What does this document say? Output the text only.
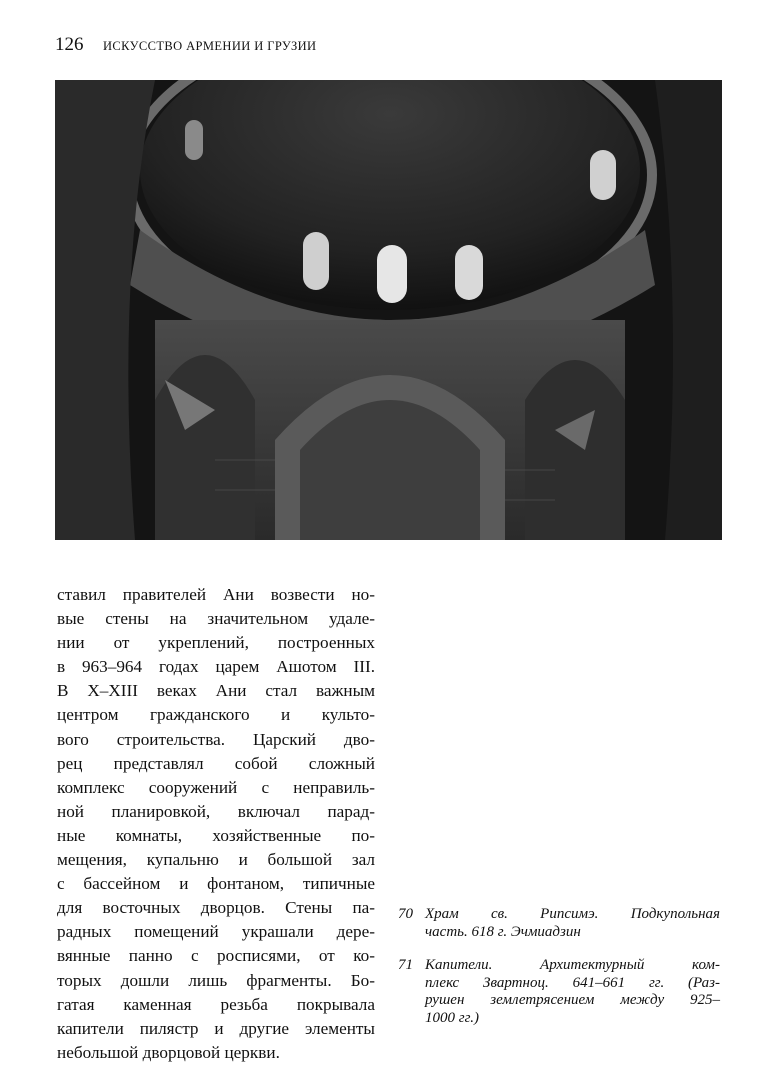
126 ИСКУССТВО АРМЕНИИ И ГРУЗИИ
ставил правителей Ани возвести но-
вые стены на значительном удале-
нии от укреплений, построенных
в 963–964 годах царем Ашотом III.
В X–XIII веках Ани стал важным
центром гражданского и культо-
вого строительства. Царский дво-
рец представлял собой сложный
комплекс сооружений с неправиль-
ной планировкой, включал парад-
ные комнаты, хозяйственные по-
мещения, купальню и большой зал
с бассейном и фонтаном, типичные
для восточных дворцов. Стены па-
радных помещений украшали дере-
вянные панно с росписями, от ко-
торых дошли лишь фрагменты. Бо-
гатая каменная резьба покрывала
капители пилястр и другие элементы
небольшой дворцовой церкви.
70 Храм св. Рипсимэ. Подкупольная
часть. 618 г. Эчмиадзин
71 Капители. Архитектурный ком-
плекс Звартноц. 641–661 гг. (Раз-
рушен землетрясением между 925–
1000 гг.)
